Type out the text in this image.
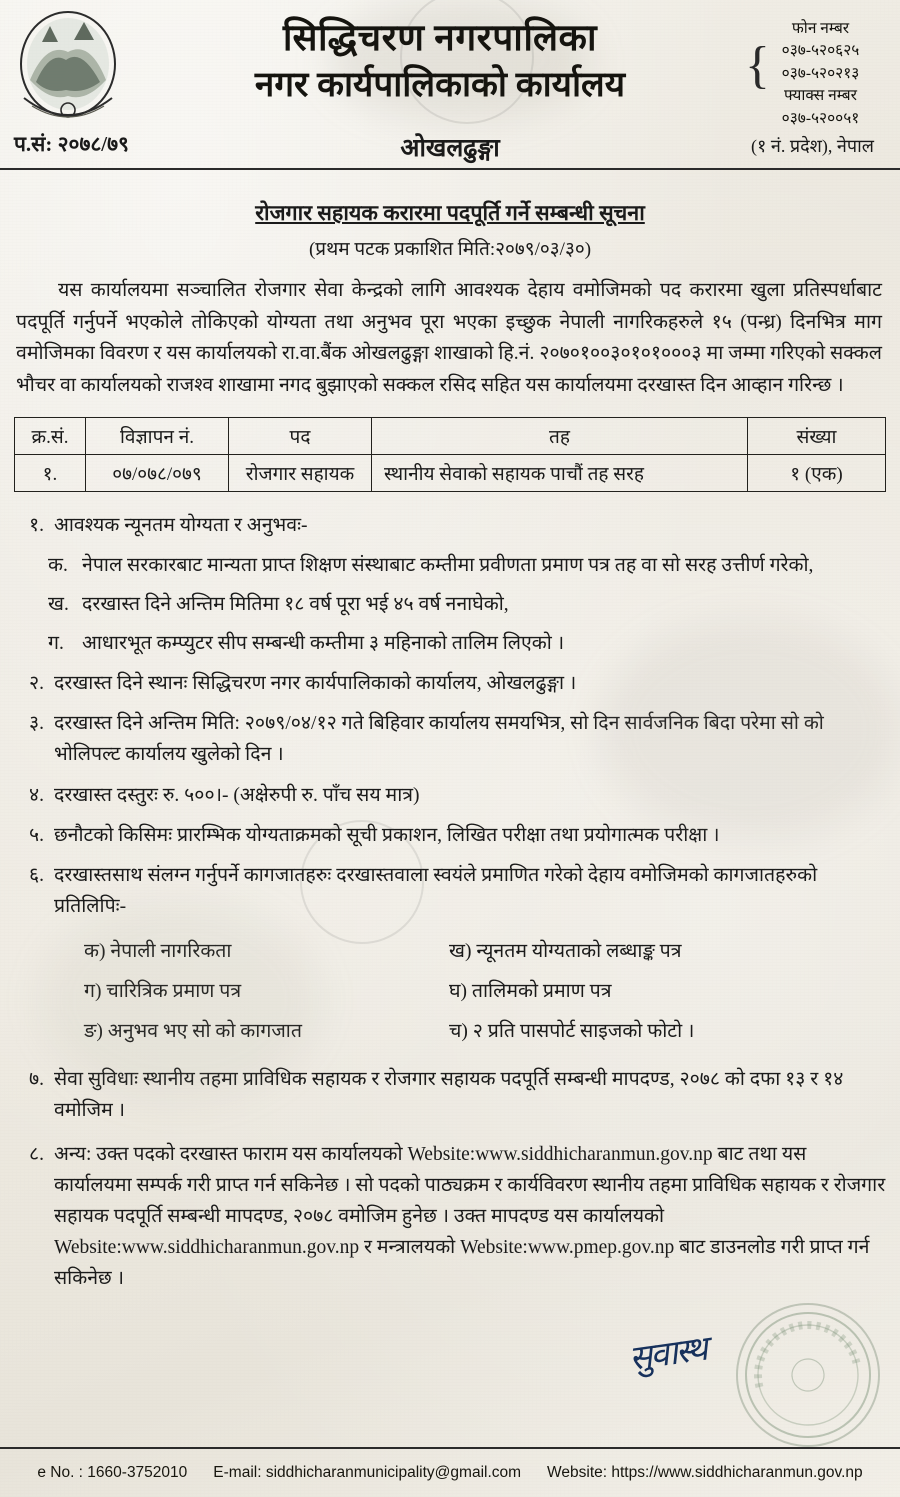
सिद्धिचरण नगरपालिका
नगर कार्यपालिकाको कार्यालय	{
फोन नम्बर
०३७-५२०६२५
०३७-५२०२१३
फ्याक्स नम्बर
०३७-५२००५१
प.सं: २०७८/७९	ओखलढुङ्गा	(१ नं. प्रदेश), नेपाल
रोजगार सहायक करारमा पदपूर्ति गर्ने सम्बन्धी सूचना
(प्रथम पटक प्रकाशित मिति:२०७९/०३/३०)
यस कार्यालयमा सञ्चालित रोजगार सेवा केन्द्रको लागि आवश्यक देहाय वमोजिमको पद करारमा खुला प्रतिस्पर्धाबाट पदपूर्ति गर्नुपर्ने भएकोले तोकिएको योग्यता तथा अनुभव पूरा भएका इच्छुक नेपाली नागरिकहरुले १५ (पन्ध्र) दिनभित्र माग वमोजिमका विवरण र यस कार्यालयको रा.वा.बैंक ओखलढुङ्गा शाखाको हि.नं. २०७०१००३०१०१०००३ मा जम्मा गरिएको सक्कल भौचर वा कार्यालयको राजश्व शाखामा नगद बुझाएको सक्कल रसिद सहित यस कार्यालयमा दरखास्त दिन आव्हान गरिन्छ ।
क्र.सं.	विज्ञापन नं.	पद	तह	संख्या
१.	०७/०७८/०७९	रोजगार सहायक	स्थानीय सेवाको सहायक पाचौं तह सरह	१ (एक)
१. आवश्यक न्यूनतम योग्यता र अनुभवः-
क. नेपाल सरकारबाट मान्यता प्राप्त शिक्षण संस्थाबाट कम्तीमा प्रवीणता प्रमाण पत्र तह वा सो सरह उत्तीर्ण गरेको,
ख. दरखास्त दिने अन्तिम मितिमा १८ वर्ष पूरा भई ४५ वर्ष ननाघेको,
ग. आधारभूत कम्प्युटर सीप सम्बन्धी कम्तीमा ३ महिनाको तालिम लिएको ।
२. दरखास्त दिने स्थानः सिद्धिचरण नगर कार्यपालिकाको कार्यालय, ओखलढुङ्गा ।
३. दरखास्त दिने अन्तिम मिति: २०७९/०४/१२ गते बिहिवार कार्यालय समयभित्र, सो दिन सार्वजनिक बिदा परेमा सो को भोलिपल्ट कार्यालय खुलेको दिन ।
४. दरखास्त दस्तुरः रु. ५००।- (अक्षेरुपी रु. पाँच सय मात्र)
५. छनौटको किसिमः प्रारम्भिक योग्यताक्रमको सूची प्रकाशन, लिखित परीक्षा तथा प्रयोगात्मक परीक्षा ।
६. दरखास्तसाथ संलग्न गर्नुपर्ने कागजातहरुः दरखास्तवाला स्वयंले प्रमाणित गरेको देहाय वमोजिमको कागजातहरुको प्रतिलिपिः-
क) नेपाली नागरिकता	ख) न्यूनतम योग्यताको लब्धाङ्क पत्र
ग) चारित्रिक प्रमाण पत्र	घ) तालिमको प्रमाण पत्र
ङ) अनुभव भए सो को कागजात	च) २ प्रति पासपोर्ट साइजको फोटो ।
७. सेवा सुविधाः स्थानीय तहमा प्राविधिक सहायक र रोजगार सहायक पदपूर्ति सम्बन्धी मापदण्ड, २०७८ को दफा १३ र १४ वमोजिम ।
८. अन्य: उक्त पदको दरखास्त फाराम यस कार्यालयको Website:www.siddhicharanmun.gov.np बाट तथा यस कार्यालयमा सम्पर्क गरी प्राप्त गर्न सकिनेछ । सो पदको पाठ्यक्रम र कार्यविवरण स्थानीय तहमा प्राविधिक सहायक र रोजगार सहायक पदपूर्ति सम्बन्धी मापदण्ड, २०७८ वमोजिम हुनेछ । उक्त मापदण्ड यस कार्यालयको Website:www.siddhicharanmun.gov.np र मन्त्रालयको Website:www.pmep.gov.np बाट डाउनलोड गरी प्राप्त गर्न सकिनेछ ।
सुवास्थ
e No. : 1660-3752010 E-mail: siddhicharanmunicipality@gmail.com Website: https://www.siddhicharanmun.gov.np
